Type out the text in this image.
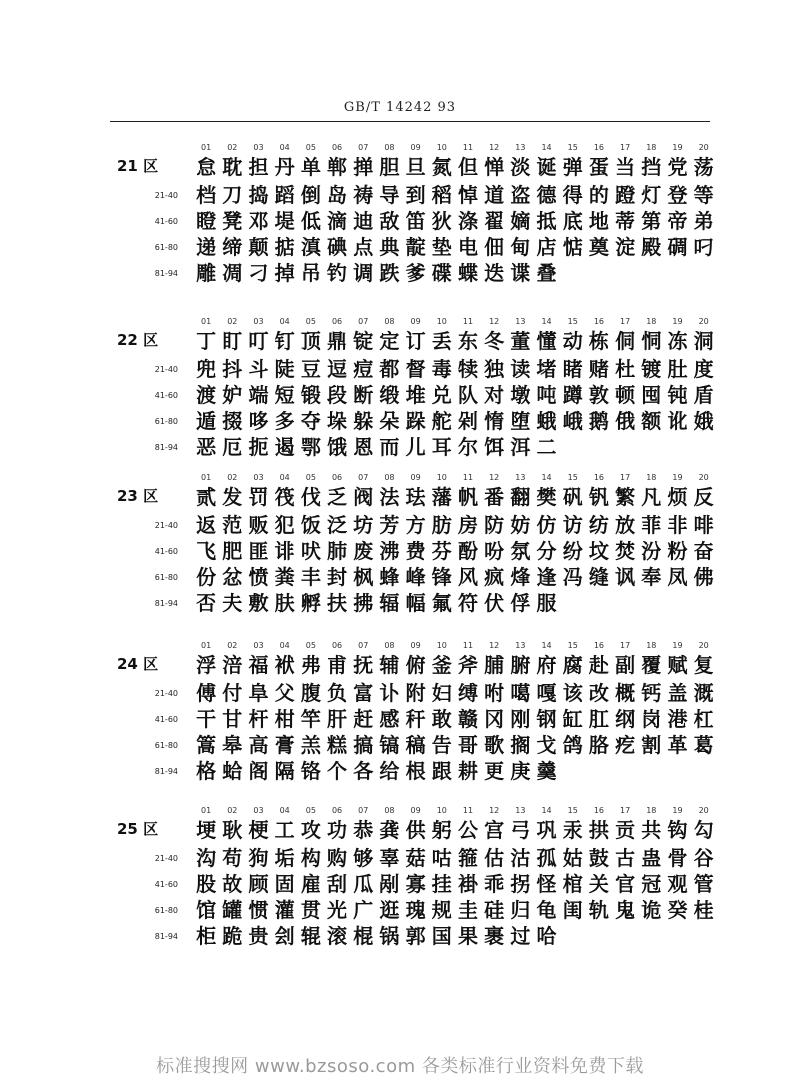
GB/T 14242 93
01	02	03	04	05	06	07	08	09	10	11	12	13	14	15	16	17	18	19	20
21 区 怠 耽 担 丹 单 郸 掸 胆 旦 氮 但 惮 淡 诞 弹 蛋 当 挡 党 荡
21-40 档 刀 捣 蹈 倒 岛 祷 导 到 稻 悼 道 盗 德 得 的 蹬 灯 登 等
41-60 瞪 凳 邓 堤 低 滴 迪 敌 笛 狄 涤 翟 嫡 抵 底 地 蒂 第 帝 弟
61-80 递 缔 颠 掂 滇 碘 点 典 靛 垫 电 佃 甸 店 惦 奠 淀 殿 碉 叼
81-94 雕 凋 刁 掉 吊 钓 调 跌 爹 碟 蝶 迭 谍 叠
01	02	03	04	05	06	07	08	09	10	11	12	13	14	15	16	17	18	19	20
22 区 丁 盯 叮 钉 顶 鼎 锭 定 订 丢 东 冬 董 懂 动 栋 侗 恫 冻 洞
21-40 兜 抖 斗 陡 豆 逗 痘 都 督 毒 犊 独 读 堵 睹 赌 杜 镀 肚 度
41-60 渡 妒 端 短 锻 段 断 缎 堆 兑 队 对 墩 吨 蹲 敦 顿 囤 钝 盾
61-80 遁 掇 哆 多 夺 垛 躲 朵 跺 舵 剁 惰 堕 蛾 峨 鹅 俄 额 讹 娥
81-94 恶 厄 扼 遏 鄂 饿 恩 而 儿 耳 尔 饵 洱 二
01	02	03	04	05	06	07	08	09	10	11	12	13	14	15	16	17	18	19	20
23 区 贰 发 罚 筏 伐 乏 阀 法 珐 藩 帆 番 翻 樊 矾 钒 繁 凡 烦 反
21-40 返 范 贩 犯 饭 泛 坊 芳 方 肪 房 防 妨 仿 访 纺 放 菲 非 啡
41-60 飞 肥 匪 诽 吠 肺 废 沸 费 芬 酚 吩 氛 分 纷 坟 焚 汾 粉 奋
61-80 份 忿 愤 粪 丰 封 枫 蜂 峰 锋 风 疯 烽 逢 冯 缝 讽 奉 凤 佛
81-94 否 夫 敷 肤 孵 扶 拂 辐 幅 氟 符 伏 俘 服
01	02	03	04	05	06	07	08	09	10	11	12	13	14	15	16	17	18	19	20
24 区 浮 涪 福 袱 弗 甫 抚 辅 俯 釜 斧 脯 腑 府 腐 赴 副 覆 赋 复
21-40 傅 付 阜 父 腹 负 富 讣 附 妇 缚 咐 噶 嘎 该 改 概 钙 盖 溉
41-60 干 甘 杆 柑 竿 肝 赶 感 秆 敢 赣 冈 刚 钢 缸 肛 纲 岗 港 杠
61-80 篙 皋 高 膏 羔 糕 搞 镐 稿 告 哥 歌 搁 戈 鸽 胳 疙 割 革 葛
81-94 格 蛤 阁 隔 铬 个 各 给 根 跟 耕 更 庚 羹
01	02	03	04	05	06	07	08	09	10	11	12	13	14	15	16	17	18	19	20
25 区 埂 耿 梗 工 攻 功 恭 龚 供 躬 公 宫 弓 巩 汞 拱 贡 共 钩 勾
21-40 沟 苟 狗 垢 构 购 够 辜 菇 咕 箍 估 沽 孤 姑 鼓 古 蛊 骨 谷
41-60 股 故 顾 固 雇 刮 瓜 剐 寡 挂 褂 乖 拐 怪 棺 关 官 冠 观 管
61-80 馆 罐 惯 灌 贯 光 广 逛 瑰 规 圭 硅 归 龟 闺 轨 鬼 诡 癸 桂
81-94 柜 跪 贵 刽 辊 滚 棍 锅 郭 国 果 裹 过 哈
标准搜搜网 www.bzsoso.com 各类标准行业资料免费下载
